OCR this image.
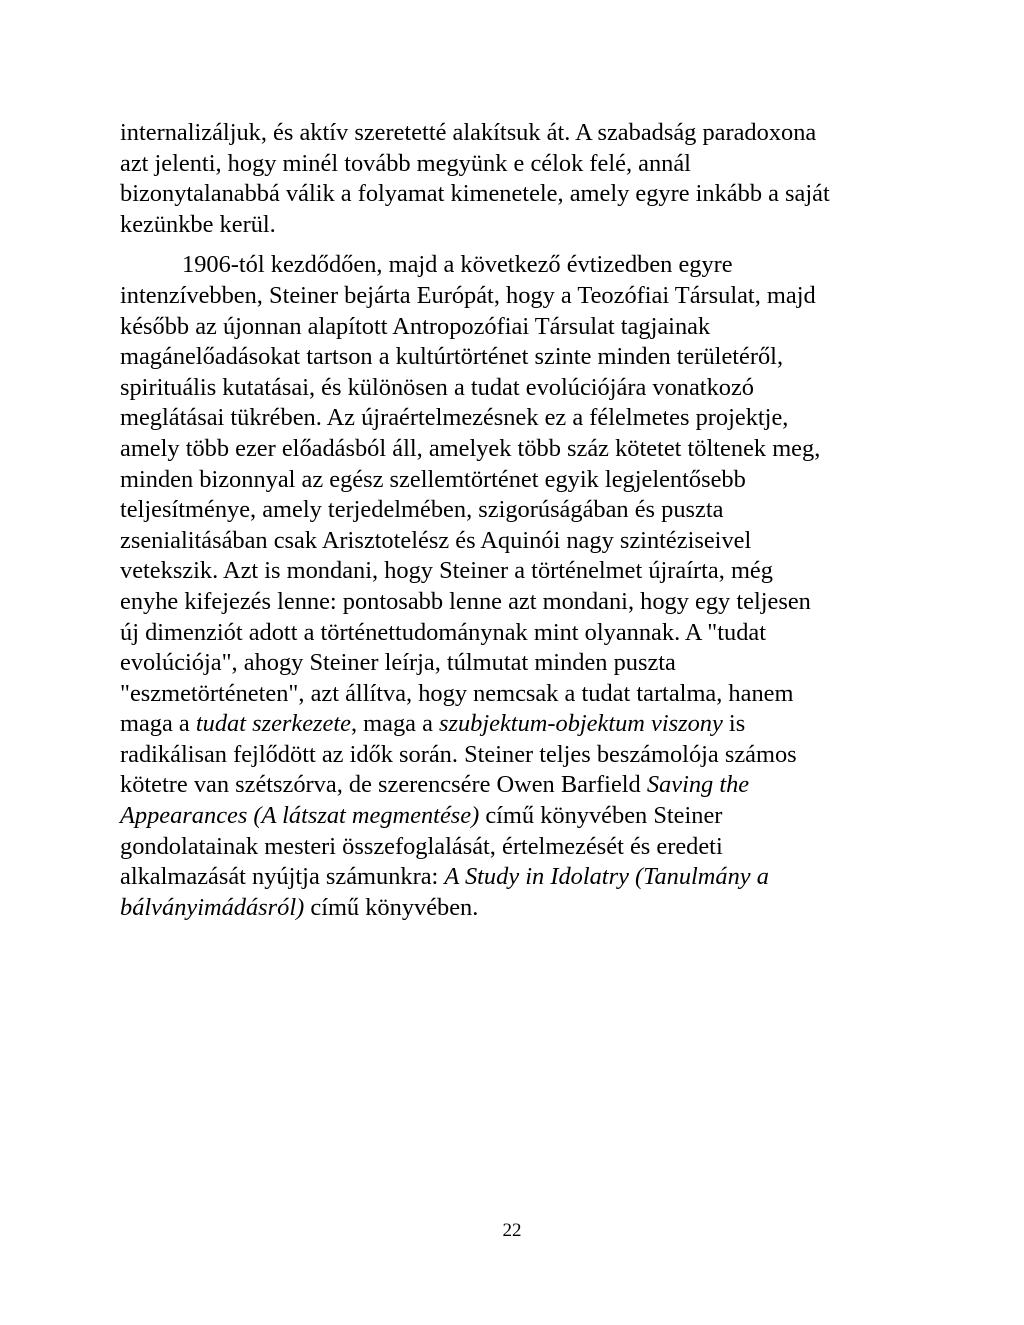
internalizáljuk, és aktív szeretetté alakítsuk át. A szabadság paradoxona
azt jelenti, hogy minél tovább megyünk e célok felé, annál
bizonytalanabbá válik a folyamat kimenetele, amely egyre inkább a saját
kezünkbe kerül.

1906-tól kezdődően, majd a következő évtizedben egyre
intenzívebben, Steiner bejárta Európát, hogy a Teozófiai Társulat, majd
később az újonnan alapított Antropozófiai Társulat tagjainak
magánelőadásokat tartson a kultúrtörténet szinte minden területéről,
spirituális kutatásai, és különösen a tudat evolúciójára vonatkozó
meglátásai tükrében. Az újraértelmezésnek ez a félelmetes projektje,
amely több ezer előadásból áll, amelyek több száz kötetet töltenek meg,
minden bizonnyal az egész szellemtörténet egyik legjelentősebb
teljesítménye, amely terjedelmében, szigorúságában és puszta
zsenialitásában csak Arisztotelész és Aquinói nagy szintéziseivel
vetekszik. Azt is mondani, hogy Steiner a történelmet újraírta, még
enyhe kifejezés lenne: pontosabb lenne azt mondani, hogy egy teljesen
új dimenziót adott a történettudománynak mint olyannak. A "tudat
evolúciója", ahogy Steiner leírja, túlmutat minden puszta
"eszmetörténeten", azt állítva, hogy nemcsak a tudat tartalma, hanem
maga a tudat szerkezete, maga a szubjektum-objektum viszony is
radikálisan fejlődött az idők során. Steiner teljes beszámolója számos
kötetre van szétszórva, de szerencsére Owen Barfield Saving the
Appearances (A látszat megmentése) című könyvében Steiner
gondolatainak mesteri összefoglalását, értelmezését és eredeti
alkalmazását nyújtja számunkra: A Study in Idolatry (Tanulmány a
bálványimádásról) című könyvében.

22
